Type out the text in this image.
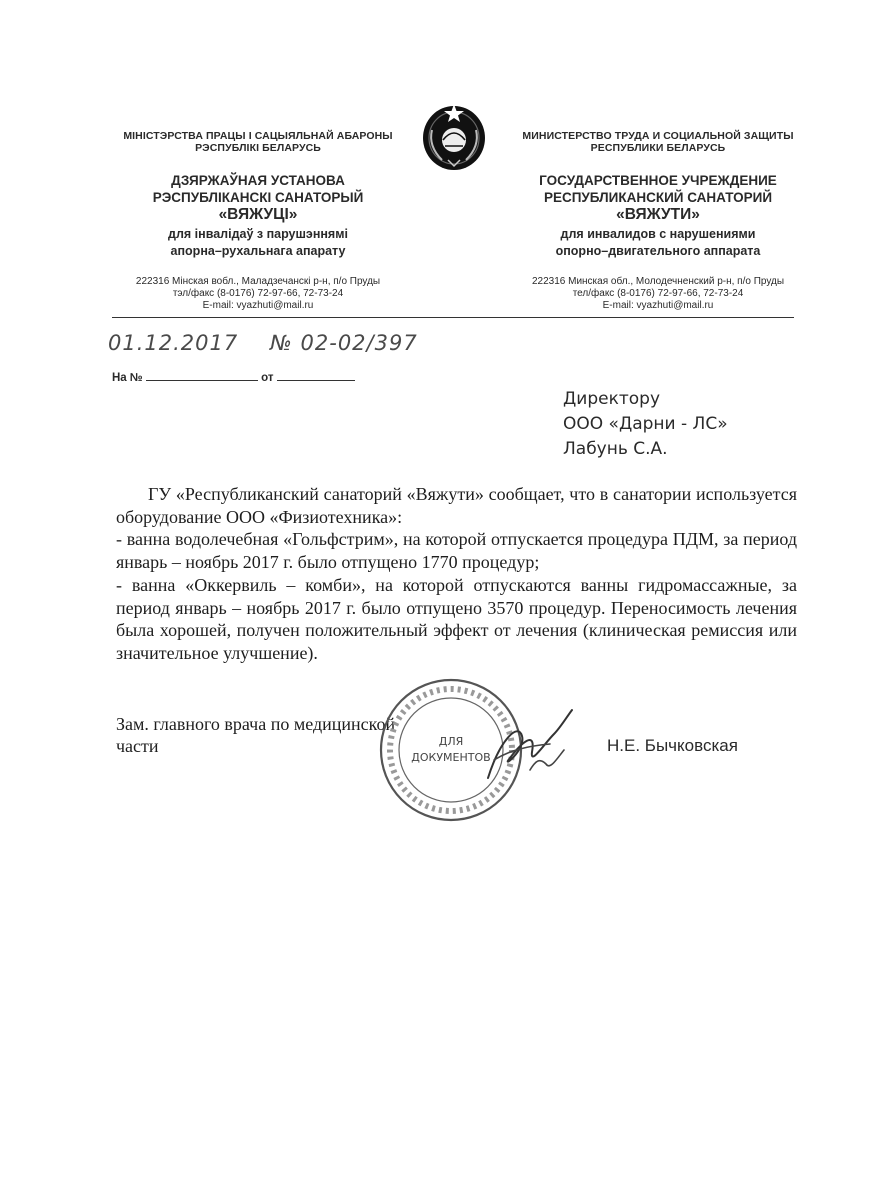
МІНІСТЭРСТВА ПРАЦЫ І САЦЫЯЛЬНАЙ АБАРОНЫ
РЭСПУБЛІКІ БЕЛАРУСЬ
ДЗЯРЖАЎНАЯ УСТАНОВА
РЭСПУБЛІКАНСКІ САНАТОРЫЙ
«ВЯЖУЦІ»
для інвалідаў з парушэннямі
апорна–рухальнага апарату
222316 Мінская вобл., Маладзечанскі р-н, п/о Пруды
тэл/факс (8-0176) 72-97-66, 72-73-24
E-mail: vyazhuti@mail.ru
МИНИСТЕРСТВО ТРУДА И СОЦИАЛЬНОЙ ЗАЩИТЫ
РЕСПУБЛИКИ БЕЛАРУСЬ
ГОСУДАРСТВЕННОЕ УЧРЕЖДЕНИЕ
РЕСПУБЛИКАНСКИЙ САНАТОРИЙ
«ВЯЖУТИ»
для инвалидов с нарушениями
опорно–двигательного аппарата
222316 Минская обл., Молодечненский р-н, п/о Пруды
тел/факс (8-0176) 72-97-66, 72-73-24
E-mail: vyazhuti@mail.ru
01.12.2017 № 02-02/397
На №	от
Директору
ООО «Дарни - ЛС»
Лабунь С.А.

ГУ «Республиканский санаторий «Вяжути» сообщает, что в санатории используется оборудование ООО «Физиотехника»:

- ванна водолечебная «Гольфстрим», на которой отпускается процедура ПДМ, за период январь – ноябрь 2017 г. было отпущено 1770 процедур;

- ванна «Оккервиль – комби», на которой отпускаются ванны гидромассажные, за период январь – ноябрь 2017 г. было отпущено 3570 процедур. Переносимость лечения была хорошей, получен положительный эффект от лечения (клиническая ремиссия или значительное улучшение).

Зам. главного врача по медицинской
части	Н.Е. Бычковская
ДЛЯ
ДОКУМЕНТОВ
